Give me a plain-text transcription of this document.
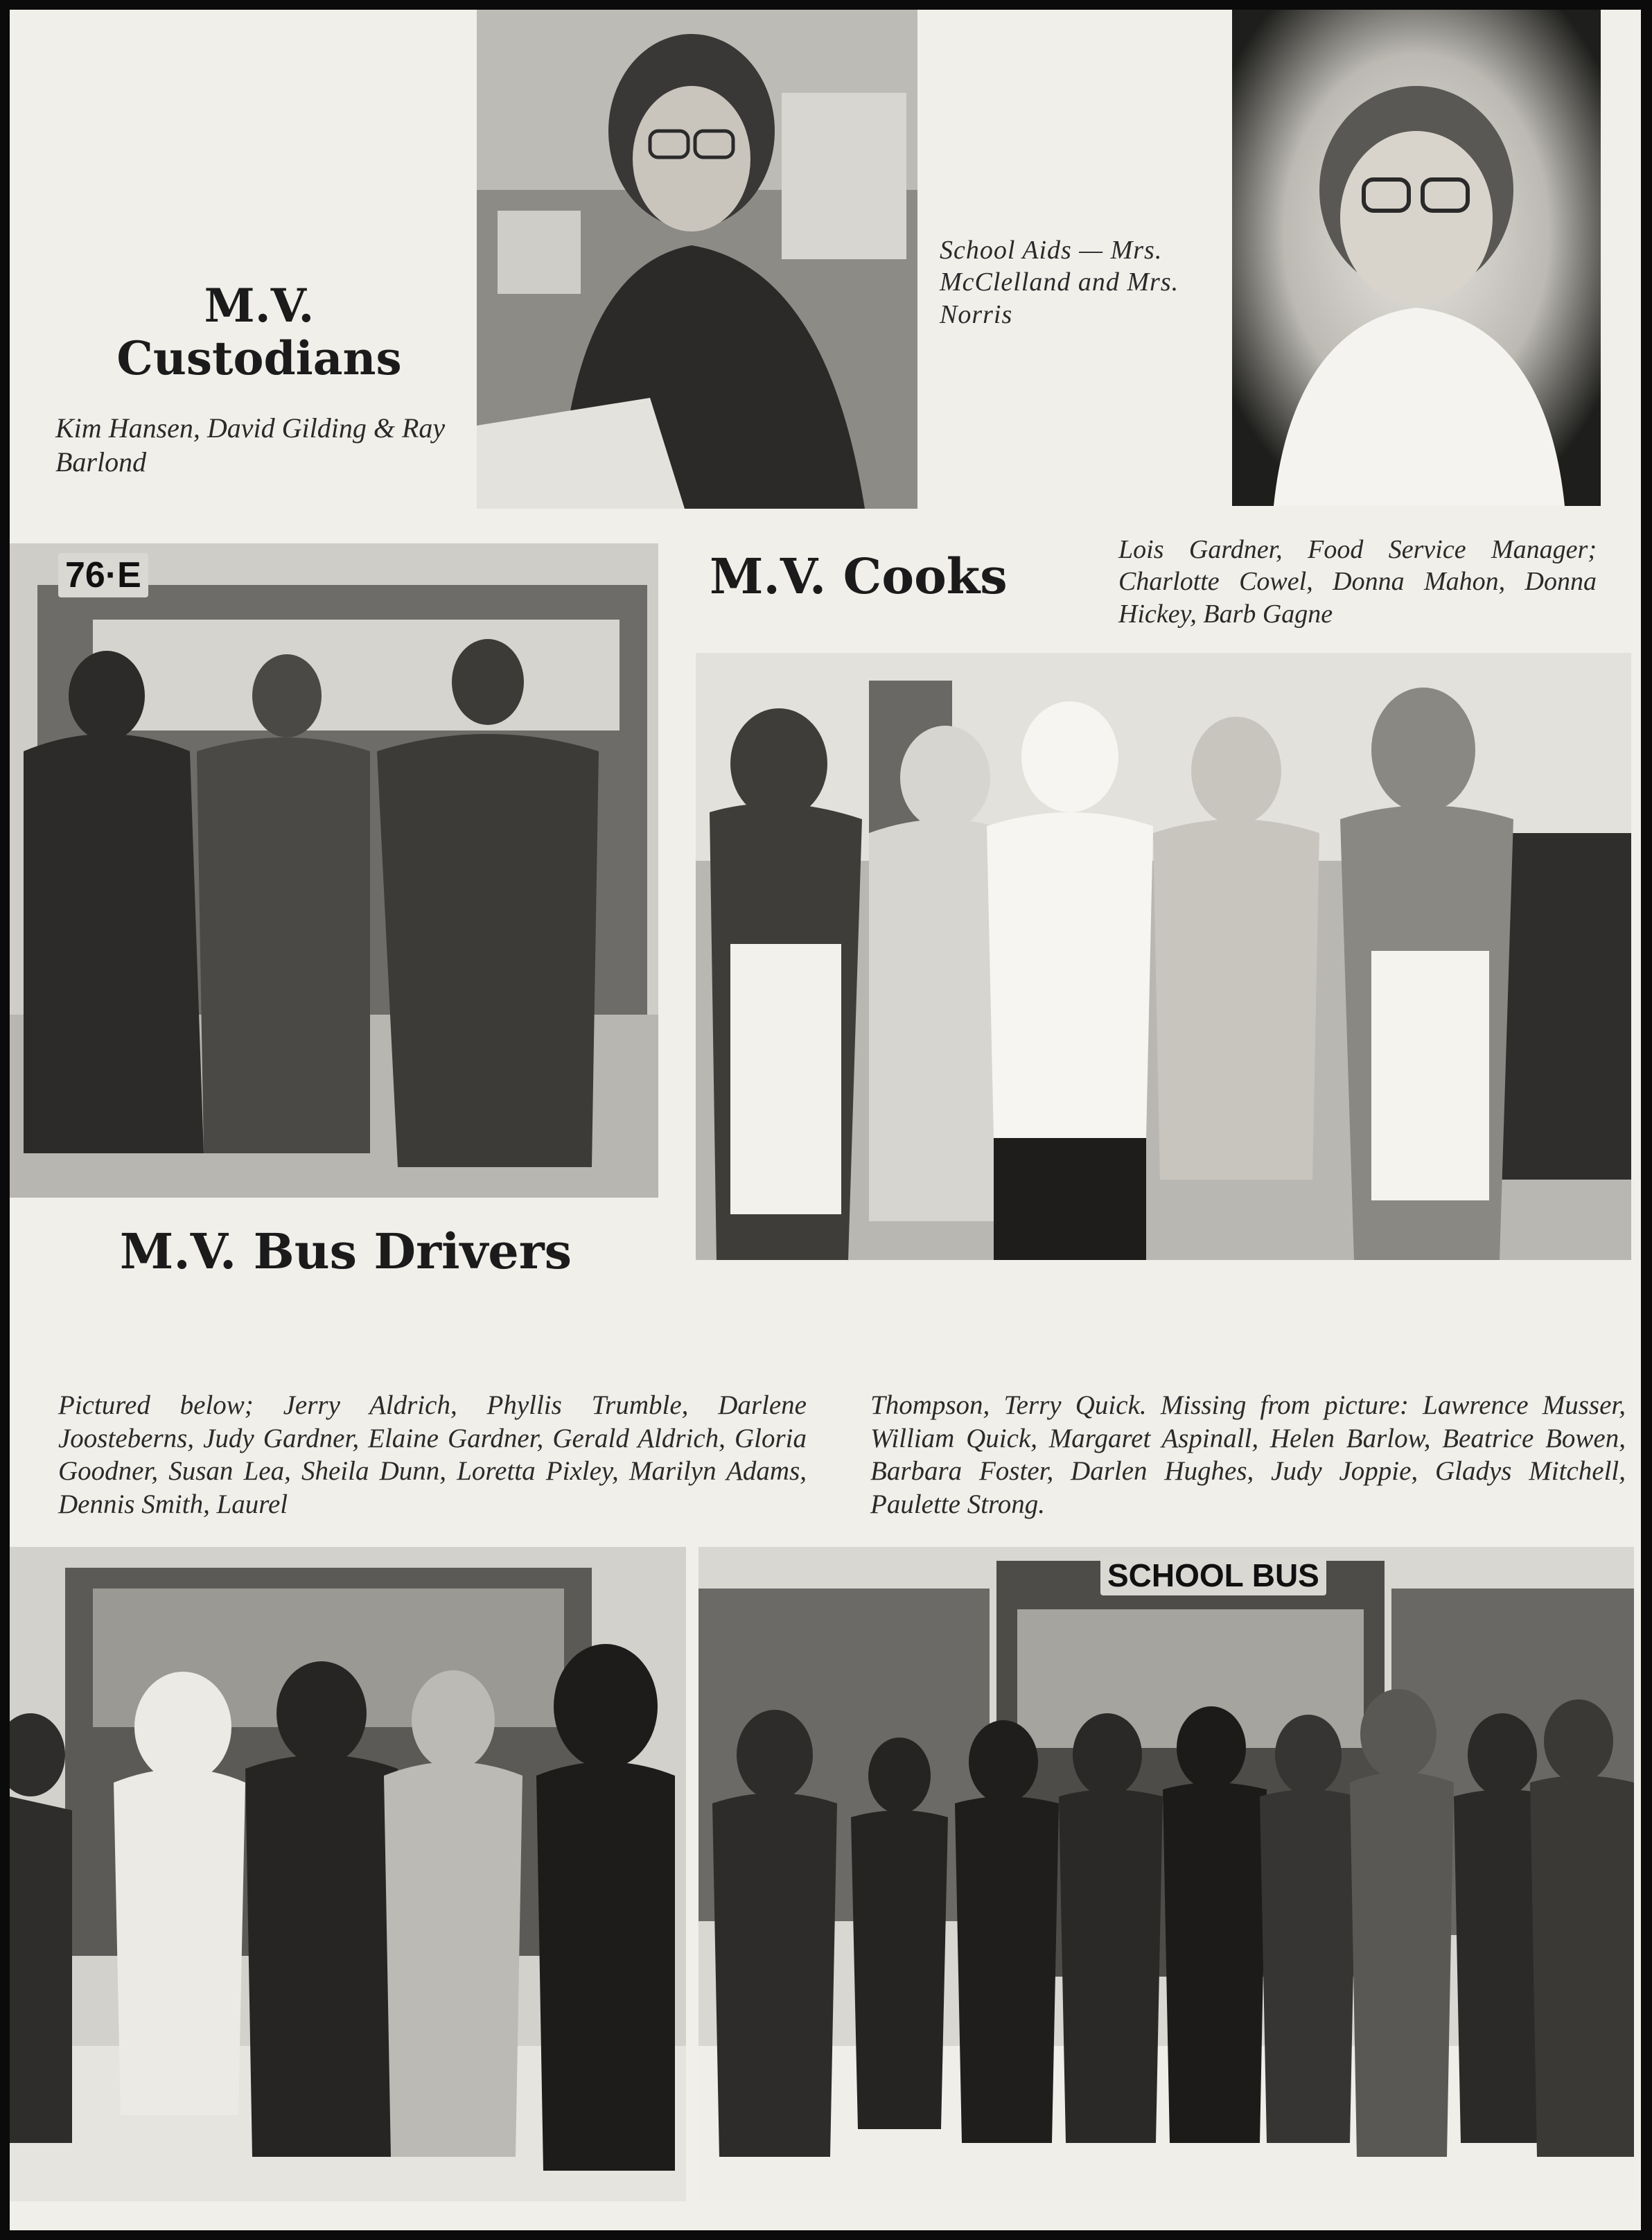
M.V.
Custodians

Kim Hansen, David Gilding & Ray Barlond

School Aids — Mrs. McClelland and Mrs. Norris

76·E	M.V. Cooks	Lois Gardner, Food Service Manager; Charlotte Cowel, Donna Mahon, Donna Hickey, Barb Gagne

M.V. Bus Drivers

Pictured below; Jerry Aldrich, Phyllis Trumble, Darlene Joosteberns, Judy Gardner, Elaine Gardner, Gerald Aldrich, Gloria Goodner, Susan Lea, Sheila Dunn, Loretta Pixley, Marilyn Adams, Dennis Smith, Laurel

Thompson, Terry Quick. Missing from picture: Lawrence Musser, William Quick, Margaret Aspinall, Helen Barlow, Beatrice Bowen, Barbara Foster, Darlen Hughes, Judy Joppie, Gladys Mitchell, Paulette Strong.

SCHOOL BUS
